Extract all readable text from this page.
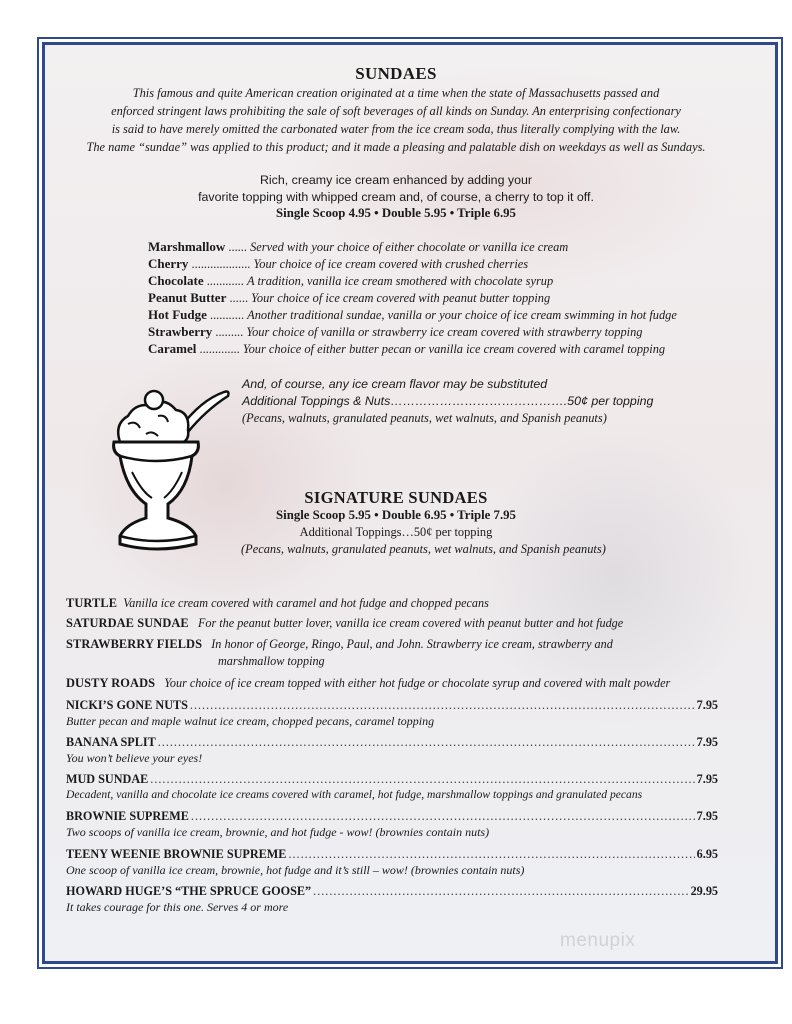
SUNDAES
This famous and quite American creation originated at a time when the state of Massachusetts passed and
enforced stringent laws prohibiting the sale of soft beverages of all kinds on Sunday. An enterprising confectionary
is said to have merely omitted the carbonated water from the ice cream soda, thus literally complying with the law.
The name “sundae” was applied to this product; and it made a pleasing and palatable dish on weekdays as well as Sundays.
Rich, creamy ice cream enhanced by adding your
favorite topping with whipped cream and, of course, a cherry to top it off.
Single Scoop 4.95 • Double 5.95 • Triple 6.95
Marshmallow ...... Served with your choice of either chocolate or vanilla ice cream
Cherry ................... Your choice of ice cream covered with crushed cherries
Chocolate ............ A tradition, vanilla ice cream smothered with chocolate syrup
Peanut Butter ...... Your choice of ice cream covered with peanut butter topping
Hot Fudge ........... Another traditional sundae, vanilla or your choice of ice cream swimming in hot fudge
Strawberry ......... Your choice of vanilla or strawberry ice cream covered with strawberry topping
Caramel ............. Your choice of either butter pecan or vanilla ice cream covered with caramel topping
And, of course, any ice cream flavor may be substituted
Additional Toppings & Nuts…………………………………….50¢ per topping
(Pecans, walnuts, granulated peanuts, wet walnuts, and Spanish peanuts)
SIGNATURE SUNDAES
Single Scoop 5.95 • Double 6.95 • Triple 7.95
Additional Toppings…50¢ per topping
(Pecans, walnuts, granulated peanuts, wet walnuts, and Spanish peanuts)
TURTLE Vanilla ice cream covered with caramel and hot fudge and chopped pecans
SATURDAE SUNDAE For the peanut butter lover, vanilla ice cream covered with peanut butter and hot fudge
STRAWBERRY FIELDS In honor of George, Ringo, Paul, and John. Strawberry ice cream, strawberry and
marshmallow topping
DUSTY ROADS Your choice of ice cream topped with either hot fudge or chocolate syrup and covered with malt powder
NICKI’S GONE NUTS .....	7.95
Butter pecan and maple walnut ice cream, chopped pecans, caramel topping
BANANA SPLIT .....	7.95
You won’t believe your eyes!
MUD SUNDAE .....	7.95
Decadent, vanilla and chocolate ice creams covered with caramel, hot fudge, marshmallow toppings and granulated pecans
BROWNIE SUPREME .....	7.95
Two scoops of vanilla ice cream, brownie, and hot fudge - wow! (brownies contain nuts)
TEENY WEENIE BROWNIE SUPREME .....	6.95
One scoop of vanilla ice cream, brownie, hot fudge and it’s still – wow! (brownies contain nuts)
HOWARD HUGE’S “THE SPRUCE GOOSE” .....	29.95
It takes courage for this one. Serves 4 or more
menupix
